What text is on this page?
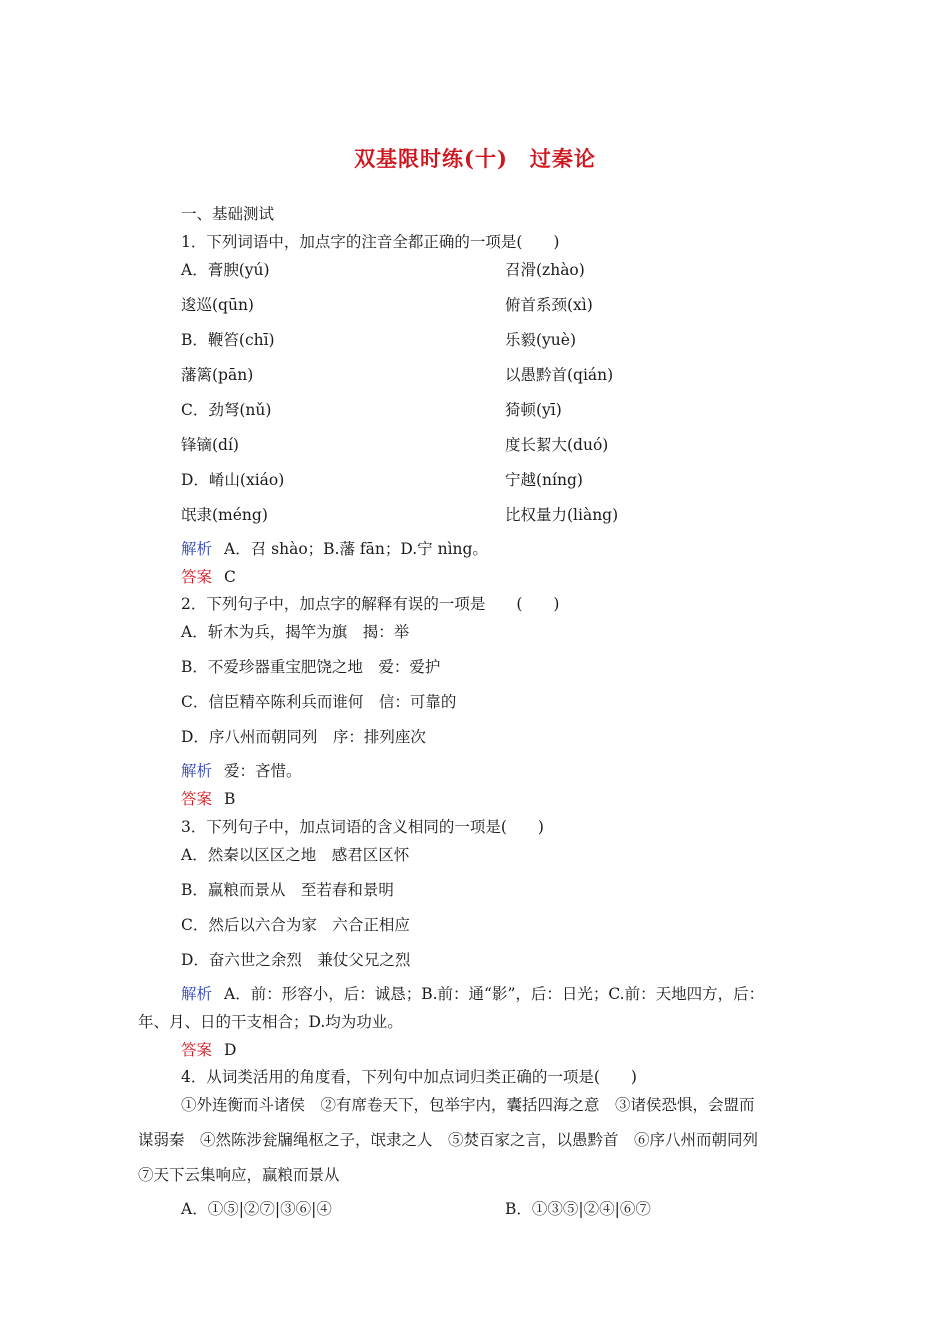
双基限时练(十)　过秦论
一、基础测试
1．下列词语中，加点字的注音全都正确的一项是(　　)
A．膏腴(yú)	召滑(zhào)
逡巡(qūn)	俯首系颈(xì)
B．鞭笞(chī)	乐毅(yuè)
藩篱(pān)	以愚黔首(qián)
C．劲弩(nǔ)	猗顿(yī)
锋镝(dí)	度长絜大(duó)
D．崤山(xiáo)	宁越(níng)
氓隶(méng)	比权量力(liàng)
解析 A．召 shào；B.藩 fān；D.宁 nìng。
答案 C
2．下列句子中，加点字的解释有误的一项是　　(　　)
A．斩木为兵，揭竿为旗　揭：举
B．不爱珍器重宝肥饶之地　爱：爱护
C．信臣精卒陈利兵而谁何　信：可靠的
D．序八州而朝同列　序：排列座次
解析 爱：吝惜。
答案 B
3．下列句子中，加点词语的含义相同的一项是(　　)
A．然秦以区区之地　感君区区怀
B．赢粮而景从　至若春和景明
C．然后以六合为家　六合正相应
D．奋六世之余烈　兼仗父兄之烈
解析 A．前：形容小，后：诚恳；B.前：通“影”，后：日光；C.前：天地四方，后：
年、月、日的干支相合；D.均为功业。
答案 D
4．从词类活用的角度看，下列句中加点词归类正确的一项是(　　)
①外连衡而斗诸侯　②有席卷天下，包举宇内，囊括四海之意　③诸侯恐惧，会盟而
谋弱秦　④然陈涉瓮牖绳枢之子，氓隶之人　⑤焚百家之言，以愚黔首　⑥序八州而朝同列
⑦天下云集响应，赢粮而景从
A．①⑤|②⑦|③⑥|④	B．①③⑤|②④|⑥⑦
